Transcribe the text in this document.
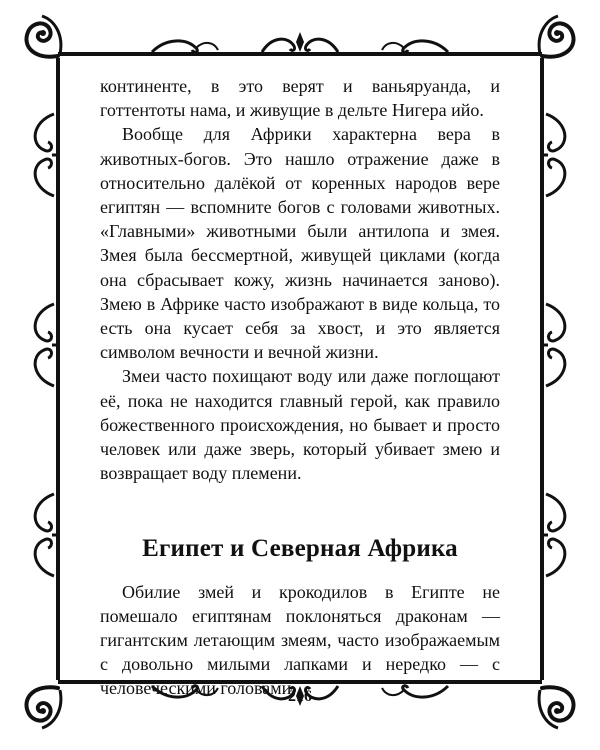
континенте, в это верят и ваньяруанда, и готтентоты нама, и живущие в дельте Нигера ийо.

Вообще для Африки характерна вера в животных-богов. Это нашло отражение даже в относительно далёкой от коренных народов вере египтян — вспомните богов с головами животных. «Главными» животными были антилопа и змея. Змея была бессмертной, живущей циклами (когда она сбрасывает кожу, жизнь начинается заново). Змею в Африке часто изображают в виде кольца, то есть она кусает себя за хвост, и это является символом вечности и вечной жизни.

Змеи часто похищают воду или даже поглощают её, пока не находится главный герой, как правило божественного происхождения, но бывает и просто человек или даже зверь, который убивает змею и возвращает воду племени.

Египет и Северная Африка

Обилие змей и крокодилов в Египте не помешало египтянам поклоняться драконам — гигантским летающим змеям, часто изображаемым с довольно милыми лапками и нередко — с человеческими головами.

216
